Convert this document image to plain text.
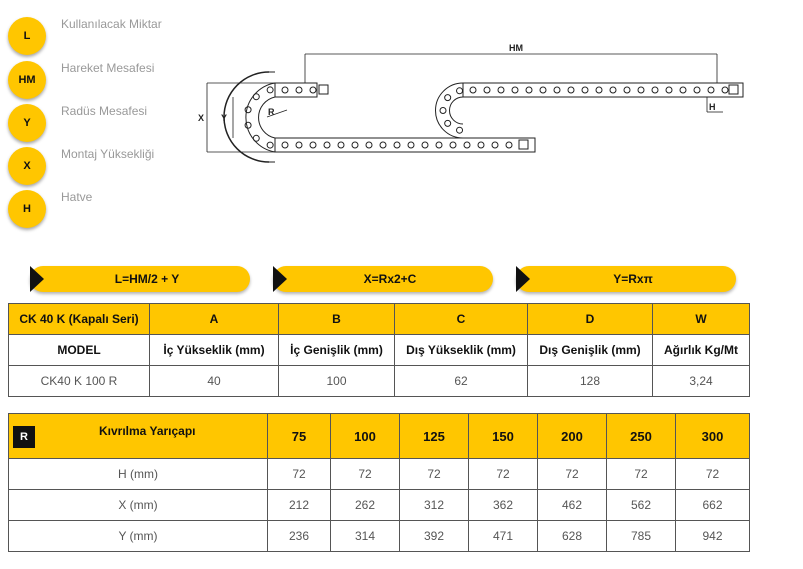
L
Kullanılacak Miktar
HM
Hareket Mesafesi
Y
Radüs Mesafesi
X
Montaj Yüksekliği
H
Hatve
HM
H
X Y
R
L=HM/2 + Y	X=Rx2+C	Y=Rxπ
CK 40 K (Kapalı Seri)	A	B	C	D	W
MODEL	İç Yükseklik (mm)	İç Genişlik (mm)	Dış Yükseklik (mm)	Dış Genişlik (mm)	Ağırlık Kg/Mt
CK40 K 100 R	40	100	62	128	3,24
R Kıvrılma Yarıçapı	75	100	125	150	200	250	300
H (mm)	72	72	72	72	72	72	72
X (mm)	212	262	312	362	462	562	662
Y (mm)	236	314	392	471	628	785	942
